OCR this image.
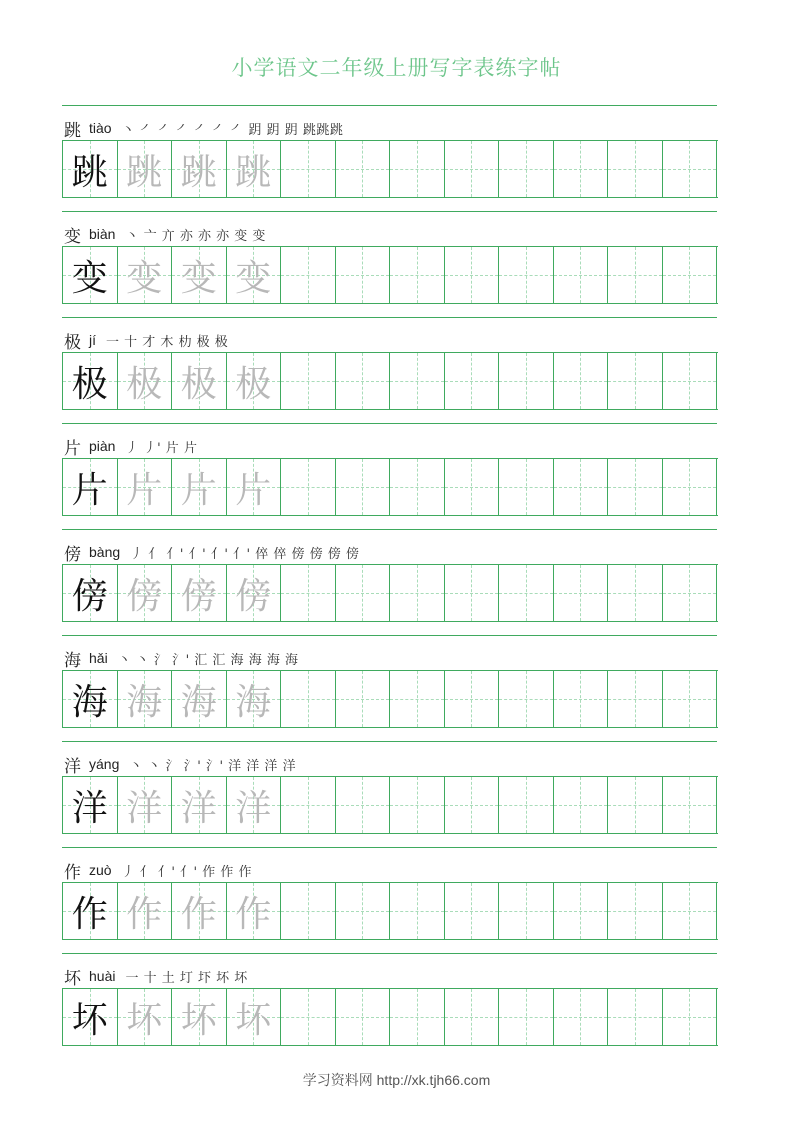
小学语文二年级上册写字表练字帖
跳 tiào 丶 ㇒ ㇒ ㇒ ㇒ ㇒ ㇒ 跀 跀 跀 跳跳跳
跳 跳 跳 跳
变 biàn 丶 亠 亣 亦 亦 亦 变 变
变 变 变 变
极 jí 一 十 才 木 朸 极 极
极 极 极 极
片 piàn 丿 丿' 片 片
片 片 片 片
傍 bàng 丿 亻 亻' 亻' 亻' 亻' 倅 倅 傍 傍 傍 傍
傍 傍 傍 傍
海 hǎi 丶 丶 氵 氵' 汇 汇 海 海 海 海
海 海 海 海
洋 yáng 丶 丶 氵 氵' 氵' 洋 洋 洋 洋
洋 洋 洋 洋
作 zuò 丿 亻 亻' 亻' 作 作 作
作 作 作 作
坏 huài 一 十 土 圢 圷 坏 坏
坏 坏 坏 坏
学习资料网 http://xk.tjh66.com
